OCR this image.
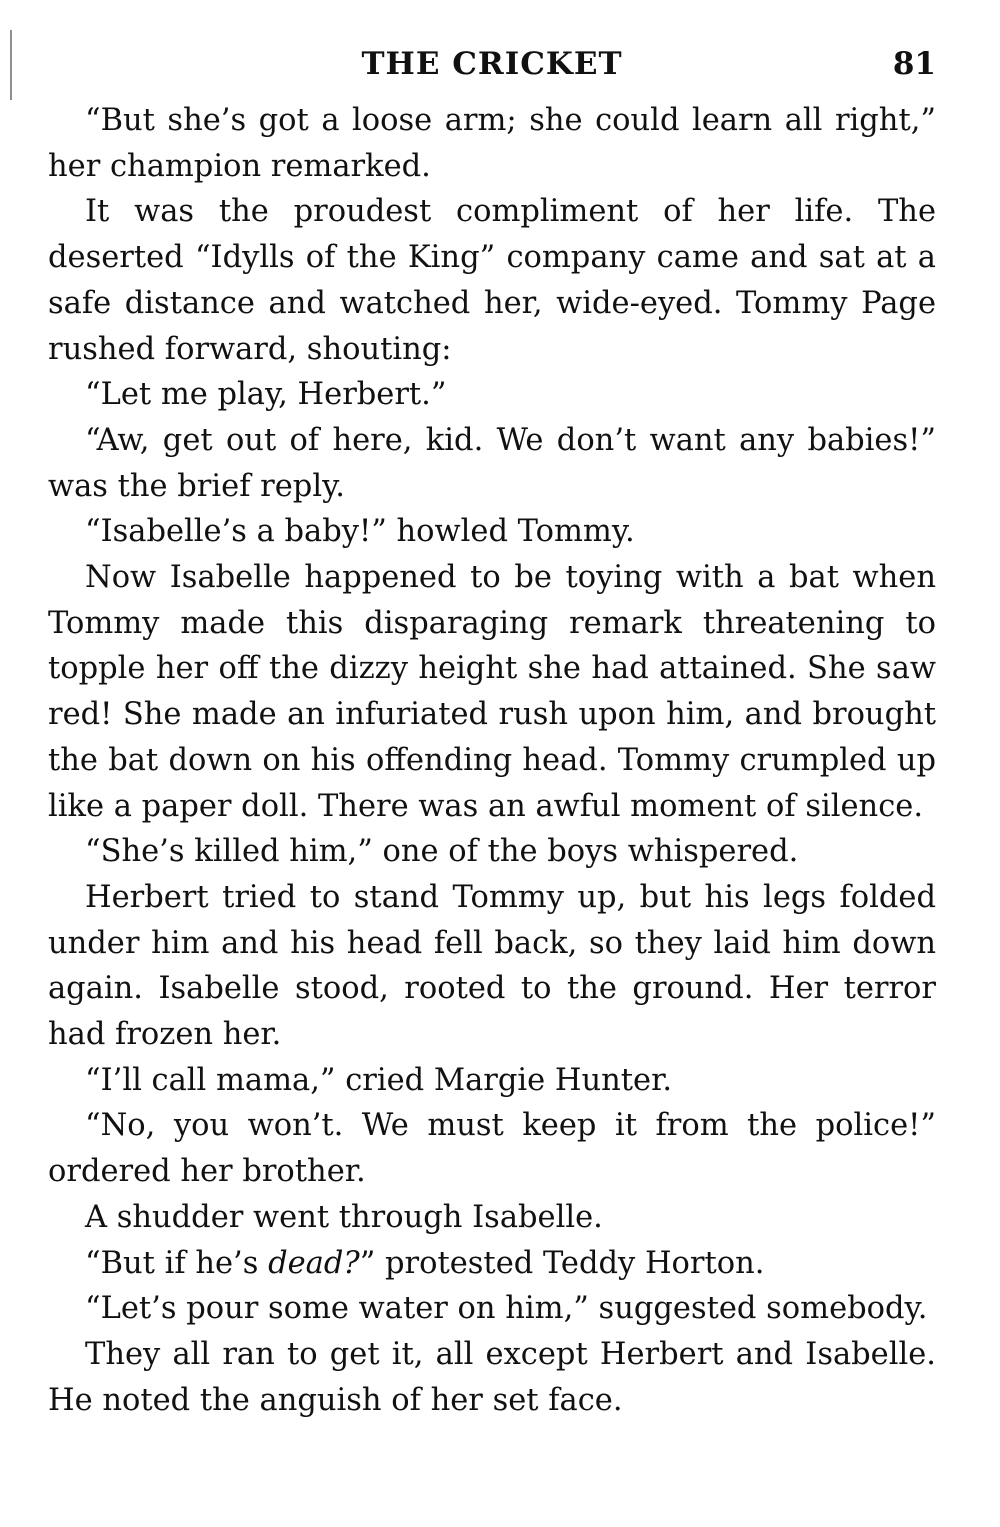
THE CRICKET	81

“But she’s got a loose arm; she could learn all right,” her champion remarked.

It was the proudest compliment of her life. The deserted “Idylls of the King” company came and sat at a safe distance and watched her, wide-eyed. Tommy Page rushed forward, shouting:

“Let me play, Herbert.”

“Aw, get out of here, kid. We don’t want any babies!” was the brief reply.

“Isabelle’s a baby!” howled Tommy.

Now Isabelle happened to be toying with a bat when Tommy made this disparaging remark threatening to topple her off the dizzy height she had attained. She saw red! She made an infuriated rush upon him, and brought the bat down on his offending head. Tommy crumpled up like a paper doll. There was an awful moment of silence.

“She’s killed him,” one of the boys whispered.

Herbert tried to stand Tommy up, but his legs folded under him and his head fell back, so they laid him down again. Isabelle stood, rooted to the ground. Her terror had frozen her.

“I’ll call mama,” cried Margie Hunter.

“No, you won’t. We must keep it from the police!” ordered her brother.

A shudder went through Isabelle.

“But if he’s dead?” protested Teddy Horton.

“Let’s pour some water on him,” suggested somebody.

They all ran to get it, all except Herbert and Isabelle. He noted the anguish of her set face.
